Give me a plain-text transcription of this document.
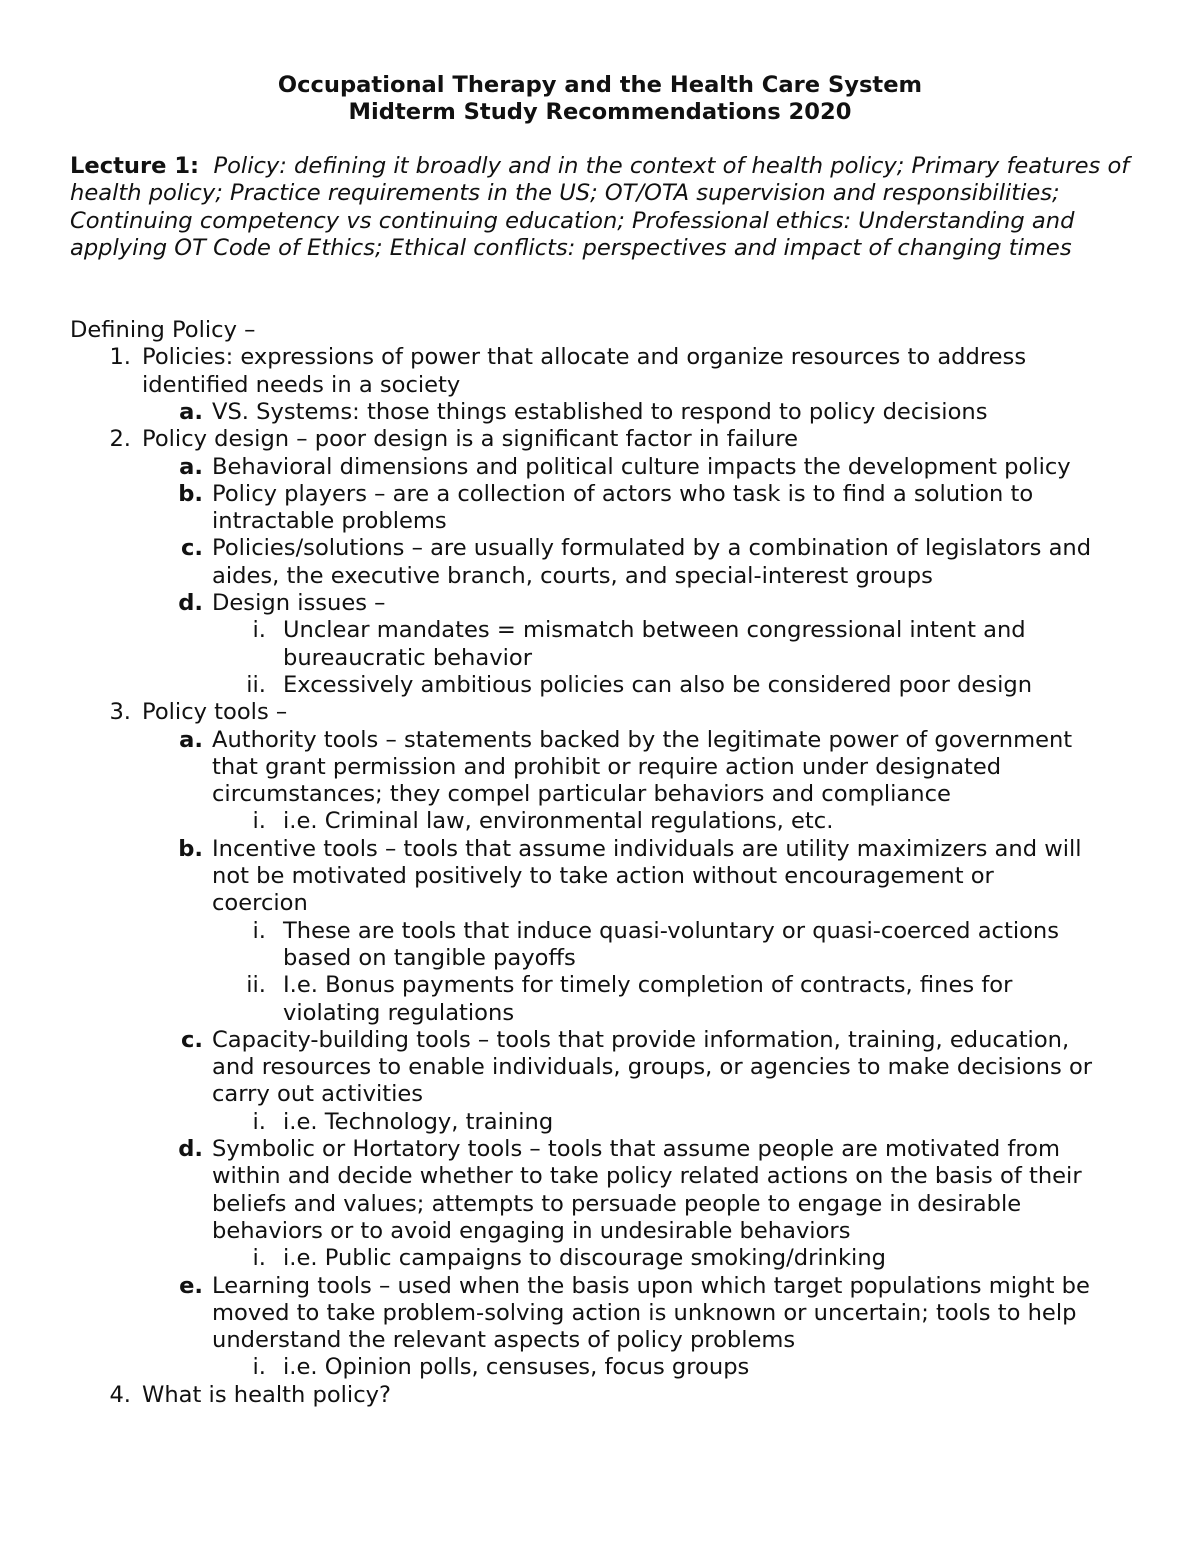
Occupational Therapy and the Health Care System
Midterm Study Recommendations 2020
Lecture 1: Policy: defining it broadly and in the context of health policy; Primary features of health policy; Practice requirements in the US; OT/OTA supervision and responsibilities; Continuing competency vs continuing education; Professional ethics: Understanding and applying OT Code of Ethics; Ethical conflicts: perspectives and impact of changing times
Defining Policy –
1. Policies: expressions of power that allocate and organize resources to address
identified needs in a society
a. VS. Systems: those things established to respond to policy decisions
2. Policy design – poor design is a significant factor in failure
a. Behavioral dimensions and political culture impacts the development policy
b. Policy players – are a collection of actors who task is to find a solution to
intractable problems
c. Policies/solutions – are usually formulated by a combination of legislators and
aides, the executive branch, courts, and special-interest groups
d. Design issues –
i. Unclear mandates = mismatch between congressional intent and
bureaucratic behavior
ii. Excessively ambitious policies can also be considered poor design
3. Policy tools –
a. Authority tools – statements backed by the legitimate power of government
that grant permission and prohibit or require action under designated
circumstances; they compel particular behaviors and compliance
i. i.e. Criminal law, environmental regulations, etc.
b. Incentive tools – tools that assume individuals are utility maximizers and will
not be motivated positively to take action without encouragement or
coercion
i. These are tools that induce quasi-voluntary or quasi-coerced actions
based on tangible payoffs
ii. I.e. Bonus payments for timely completion of contracts, fines for
violating regulations
c. Capacity-building tools – tools that provide information, training, education,
and resources to enable individuals, groups, or agencies to make decisions or
carry out activities
i. i.e. Technology, training
d. Symbolic or Hortatory tools – tools that assume people are motivated from
within and decide whether to take policy related actions on the basis of their
beliefs and values; attempts to persuade people to engage in desirable
behaviors or to avoid engaging in undesirable behaviors
i. i.e. Public campaigns to discourage smoking/drinking
e. Learning tools – used when the basis upon which target populations might be
moved to take problem-solving action is unknown or uncertain; tools to help
understand the relevant aspects of policy problems
i. i.e. Opinion polls, censuses, focus groups
4. What is health policy?
